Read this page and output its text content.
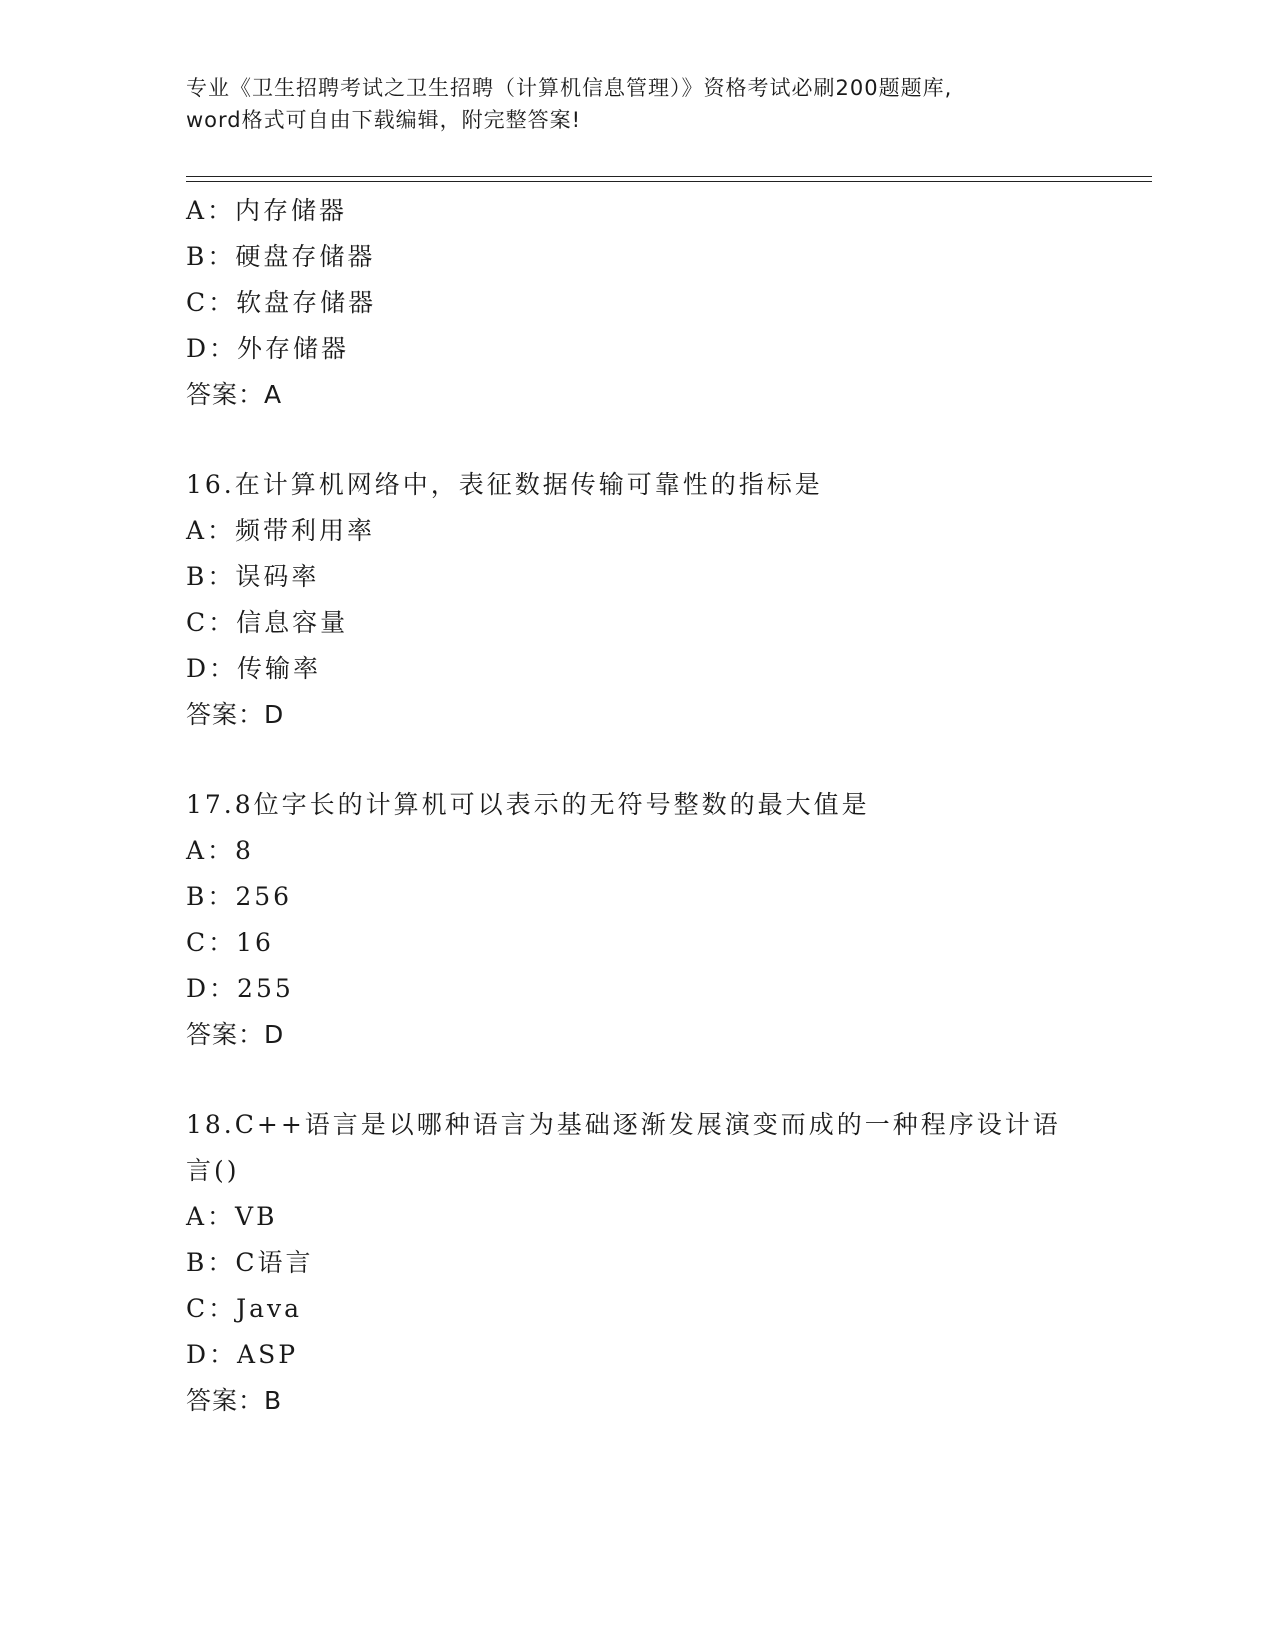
专业《卫生招聘考试之卫生招聘（计算机信息管理）》资格考试必刷200题题库,
word格式可自由下载编辑，附完整答案!
A：内存储器
B：硬盘存储器
C：软盘存储器
D：外存储器
答案：A
16.在计算机网络中，表征数据传输可靠性的指标是
A：频带利用率
B：误码率
C：信息容量
D：传输率
答案：D
17.8位字长的计算机可以表示的无符号整数的最大值是
A：8
B：256
C：16
D：255
答案：D
18.C++语言是以哪种语言为基础逐渐发展演变而成的一种程序设计语言()
A：VB
B：C语言
C：Java
D：ASP
答案：B
